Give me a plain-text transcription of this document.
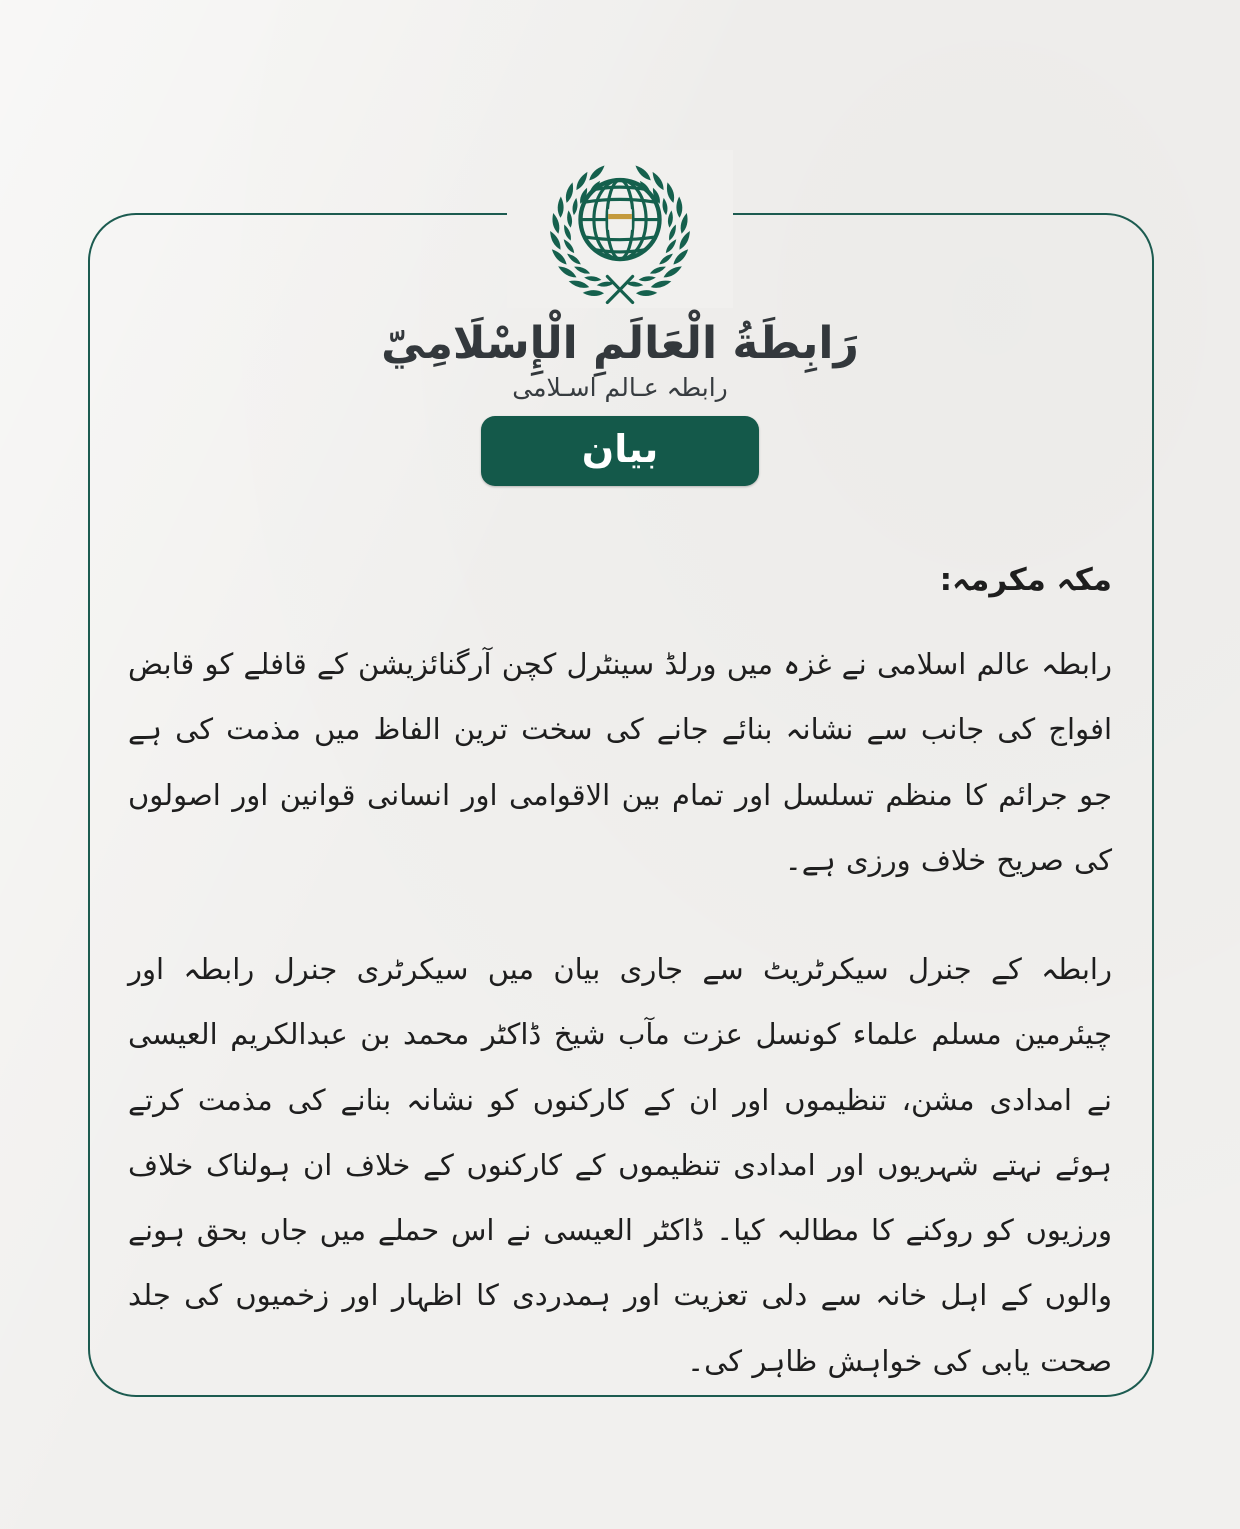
رَابِطَةُ الْعَالَمِ الْإِسْلَامِيّ
رابطہ عـالم اسـلامی
بیان

مکہ مکرمہ:

رابطہ عالم اسلامی نے غزہ میں ورلڈ سینٹرل کچن آرگنائزیشن کے قافلے کو قابض افواج کی جانب سے نشانہ بنائے جانے کی سخت ترین الفاظ میں مذمت کی ہے جو جرائم کا منظم تسلسل اور تمام بین الاقوامی اور انسانی قوانین اور اصولوں کی صریح خلاف ورزی ہے۔

رابطہ کے جنرل سیکرٹریٹ سے جاری بیان میں سیکرٹری جنرل رابطہ اور چیئرمین مسلم علماء کونسل عزت مآب شیخ ڈاکٹر محمد بن عبدالکریم العیسی نے امدادی مشن، تنظیموں اور ان کے کارکنوں کو نشانہ بنانے کی مذمت کرتے ہوئے نہتے شہریوں اور امدادی تنظیموں کے کارکنوں کے خلاف ان ہولناک خلاف ورزیوں کو روکنے کا مطالبہ کیا۔ ڈاکٹر العیسی نے اس حملے میں جاں بحق ہونے والوں کے اہل خانہ سے دلی تعزیت اور ہمدردی کا اظہار اور زخمیوں کی جلد صحت یابی کی خواہش ظاہر کی۔
